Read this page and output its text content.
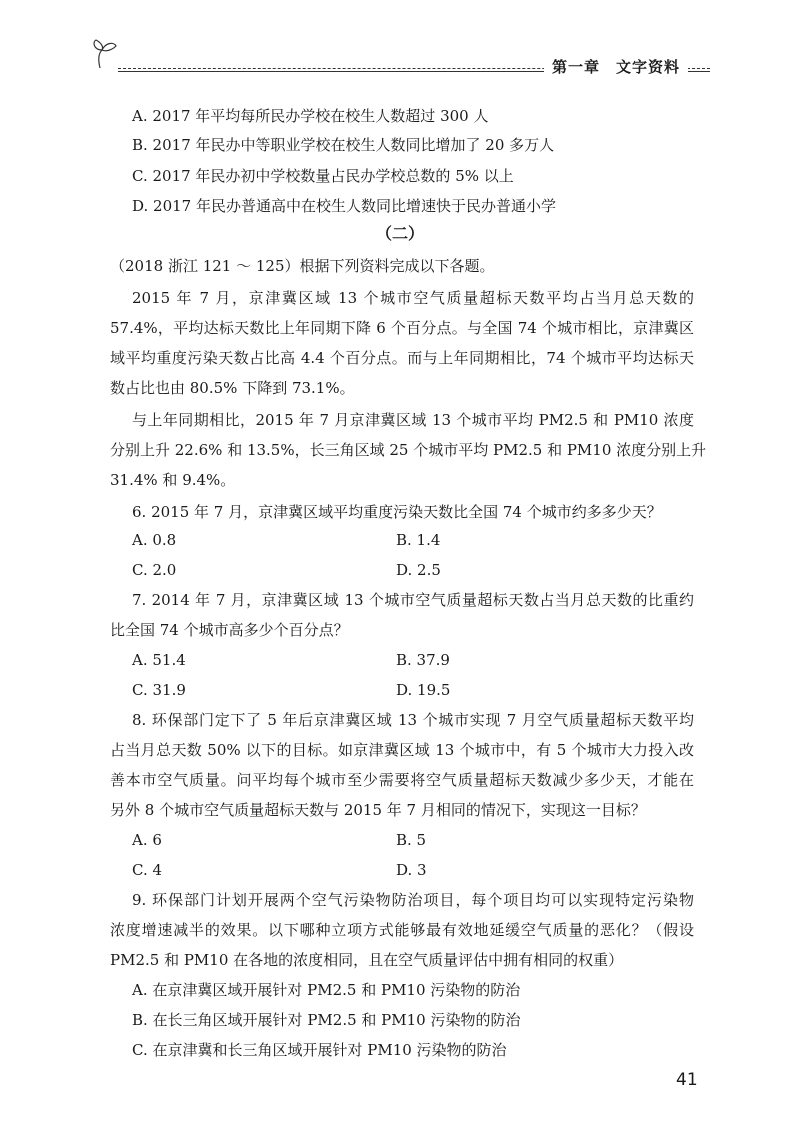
第一章　文字资料
A. 2017 年平均每所民办学校在校生人数超过 300 人
B. 2017 年民办中等职业学校在校生人数同比增加了 20 多万人
C. 2017 年民办初中学校数量占民办学校总数的 5% 以上
D. 2017 年民办普通高中在校生人数同比增速快于民办普通小学
（二）
（2018 浙江 121 ～ 125）根据下列资料完成以下各题。
2015 年 7 月，京津冀区域 13 个城市空气质量超标天数平均占当月总天数的
57.4%，平均达标天数比上年同期下降 6 个百分点。与全国 74 个城市相比，京津冀区
域平均重度污染天数占比高 4.4 个百分点。而与上年同期相比，74 个城市平均达标天
数占比也由 80.5% 下降到 73.1%。
与上年同期相比，2015 年 7 月京津冀区域 13 个城市平均 PM2.5 和 PM10 浓度
分别上升 22.6% 和 13.5%，长三角区域 25 个城市平均 PM2.5 和 PM10 浓度分别上升
31.4% 和 9.4%。
6. 2015 年 7 月，京津冀区域平均重度污染天数比全国 74 个城市约多多少天？
A. 0.8	B. 1.4
C. 2.0	D. 2.5
7. 2014 年 7 月，京津冀区域 13 个城市空气质量超标天数占当月总天数的比重约
比全国 74 个城市高多少个百分点？
A. 51.4	B. 37.9
C. 31.9	D. 19.5
8. 环保部门定下了 5 年后京津冀区域 13 个城市实现 7 月空气质量超标天数平均
占当月总天数 50% 以下的目标。如京津冀区域 13 个城市中，有 5 个城市大力投入改
善本市空气质量。问平均每个城市至少需要将空气质量超标天数减少多少天，才能在
另外 8 个城市空气质量超标天数与 2015 年 7 月相同的情况下，实现这一目标？
A. 6	B. 5
C. 4	D. 3
9. 环保部门计划开展两个空气污染物防治项目，每个项目均可以实现特定污染物
浓度增速减半的效果。以下哪种立项方式能够最有效地延缓空气质量的恶化？（假设
PM2.5 和 PM10 在各地的浓度相同，且在空气质量评估中拥有相同的权重）
A. 在京津冀区域开展针对 PM2.5 和 PM10 污染物的防治
B. 在长三角区域开展针对 PM2.5 和 PM10 污染物的防治
C. 在京津冀和长三角区域开展针对 PM10 污染物的防治
41
